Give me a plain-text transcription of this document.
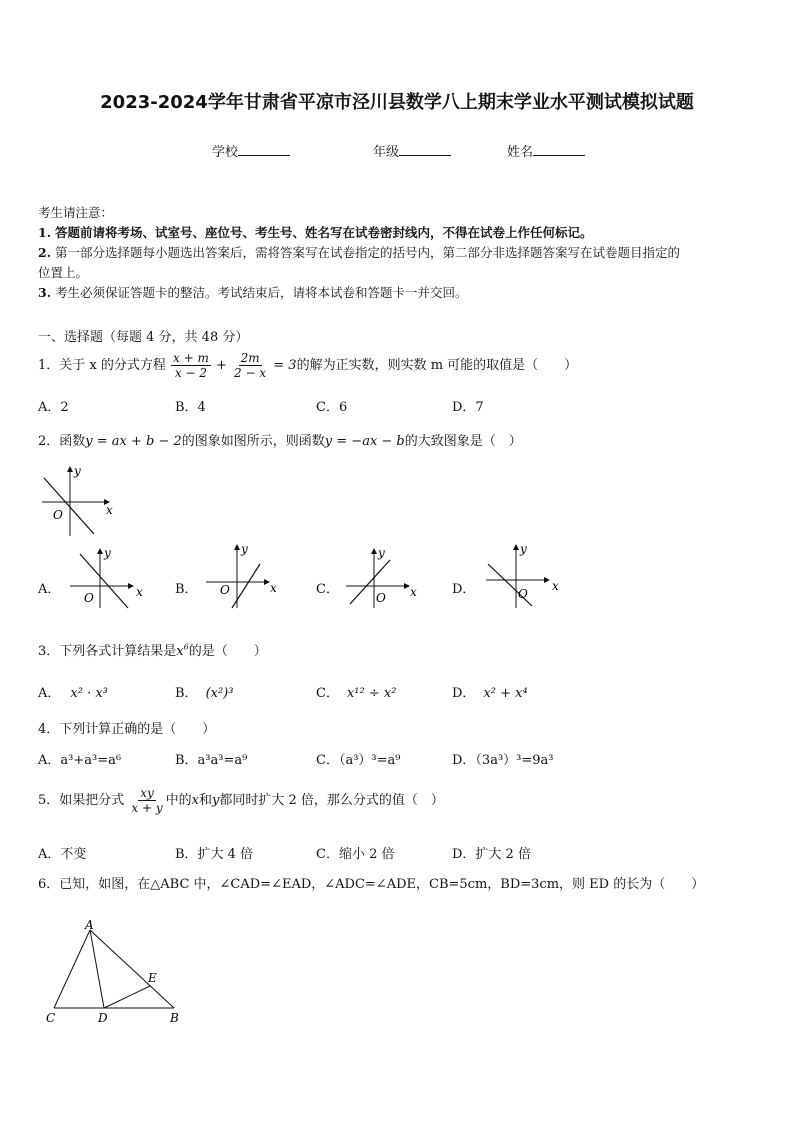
2023-2024学年甘肃省平凉市泾川县数学八上期末学业水平测试模拟试题
学校	年级	姓名
考生请注意：
1. 答题前请将考场、试室号、座位号、考生号、姓名写在试卷密封线内，不得在试卷上作任何标记。
2. 第一部分选择题每小题选出答案后，需将答案写在试卷指定的括号内，第二部分非选择题答案写在试卷题目指定的
位置上。
3. 考生必须保证答题卡的整洁。考试结束后，请将本试卷和答题卡一并交回。
一、选择题（每题 4 分，共 48 分）
1．关于 x 的分式方程 $\frac{x + m}{x - 2} + \frac{2m}{2 - x} = 3$的解为正实数，则实数 m 可能的取值是（　　）
A．2	B．4	C．6	D．7
2．函数y = ax + b − 2的图象如图所示，则函数y = −ax − b的大致图象是（　）
y
x
O
A．
y
x
O
B．
y
x
O	C．
y
x
O
D．
y
x
O
3．下列各式计算结果是$x^6$的是（　　）
A． x² · x³	B． (x²)³	C． x¹² ÷ x²	D． x² + x⁴
4．下列计算正确的是（　　）
A．a³+a³=a⁶	B．a³a³=a⁹	C．（a³）³=a⁹	D．（3a³）³=9a³
5．如果把分式 $\frac{xy}{x + y}$ 中的x和y都同时扩大 2 倍，那么分式的值（　）
A．不变	B．扩大 4 倍	C．缩小 2 倍	D．扩大 2 倍
6．已知，如图，在△ABC 中，∠CAD=∠EAD，∠ADC=∠ADE，CB=5cm，BD=3cm，则 ED 的长为（　　）
A
B
C	D
E
